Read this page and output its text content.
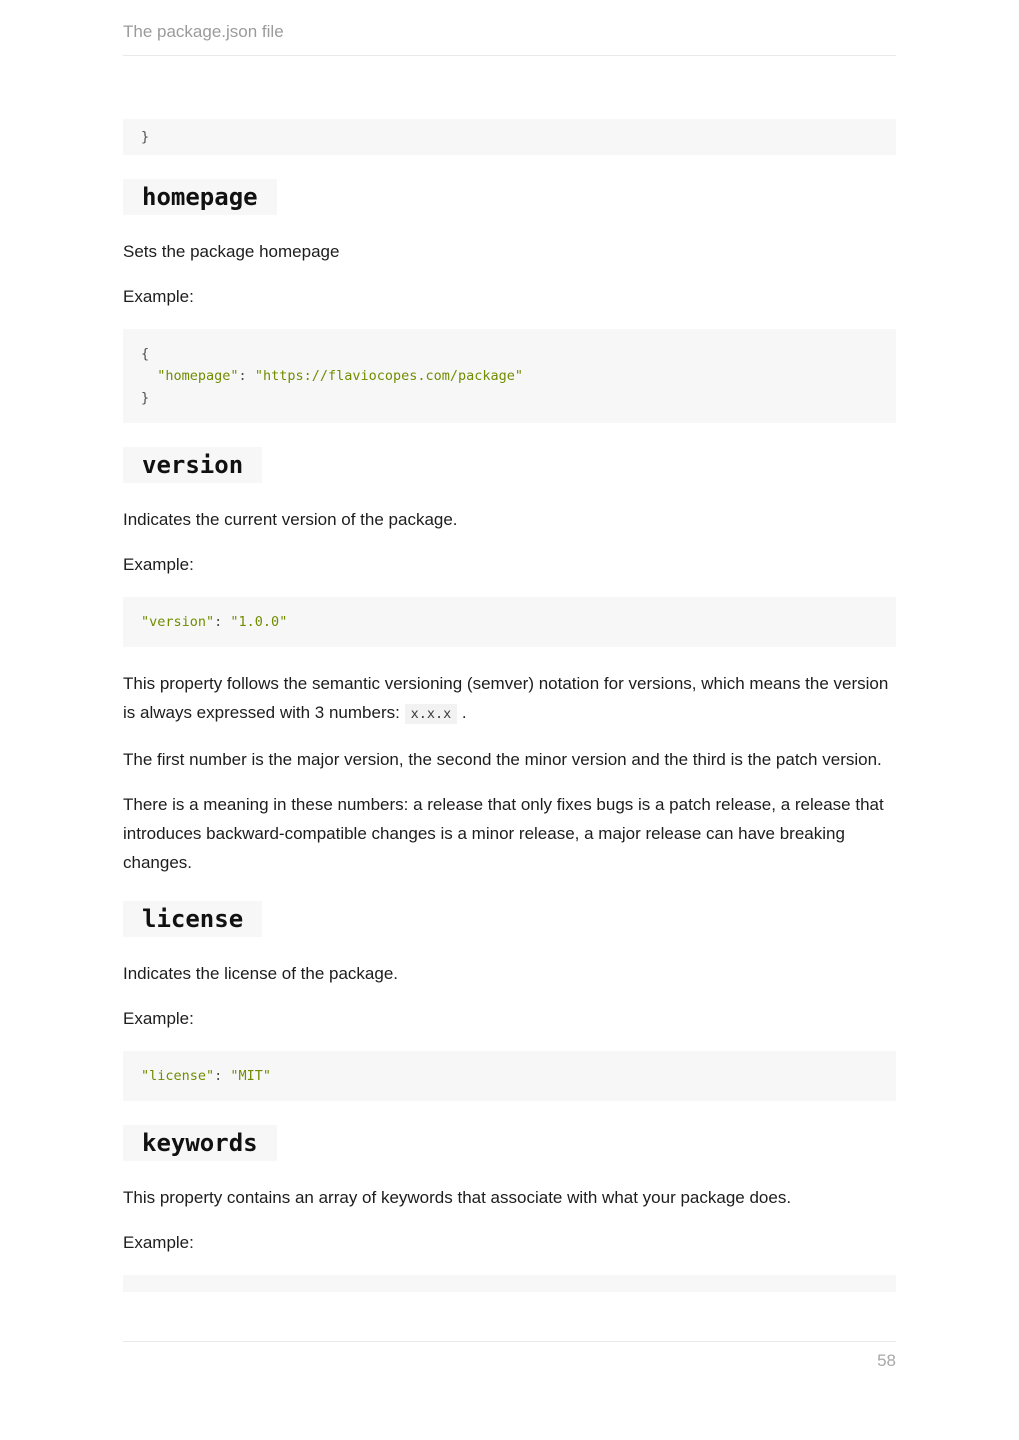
The package.json file
}
homepage

Sets the package homepage

Example:

{
"homepage": "https://flaviocopes.com/package"
}
version

Indicates the current version of the package.

Example:

"version": "1.0.0"

This property follows the semantic versioning (semver) notation for versions, which means the version is always expressed with 3 numbers: x.x.x .

The first number is the major version, the second the minor version and the third is the patch version.

There is a meaning in these numbers: a release that only fixes bugs is a patch release, a release that introduces backward-compatible changes is a minor release, a major release can have breaking changes.

license

Indicates the license of the package.

Example:

"license": "MIT"
keywords

This property contains an array of keywords that associate with what your package does.

Example:

58
